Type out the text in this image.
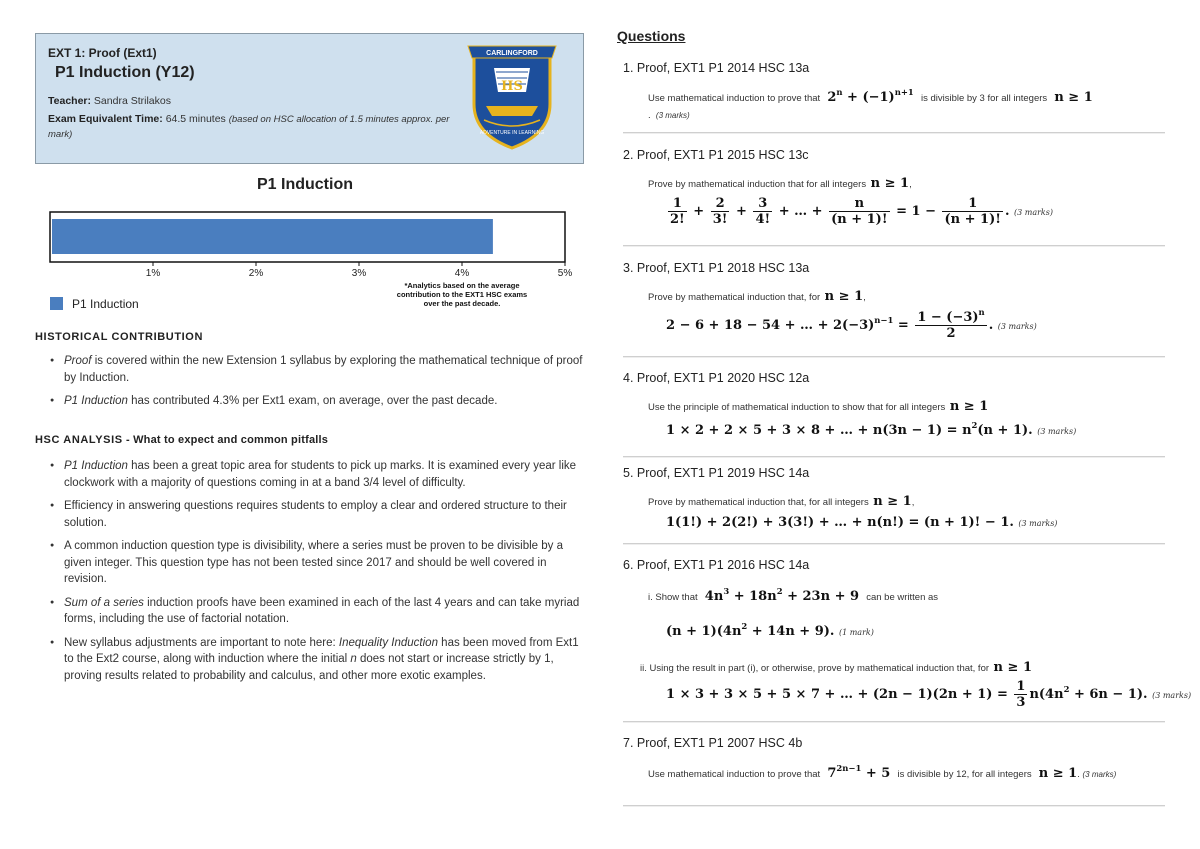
EXT 1: Proof (Ext1)
P1 Induction (Y12)
Teacher: Sandra Strilakos
Exam Equivalent Time: 64.5 minutes (based on HSC allocation of 1.5 minutes approx. per mark)
CARLINGFORD
HS
ADVENTURE IN LEARNING
P1 Induction
1%	2%	3%	4%	5%
P1 Induction
*Analytics based on the average contribution to the EXT1 HSC exams over the past decade.
HISTORICAL CONTRIBUTION
● Proof is covered within the new Extension 1 syllabus by exploring the mathematical technique of proof by Induction.
● P1 Induction has contributed 4.3% per Ext1 exam, on average, over the past decade.
HSC ANALYSIS - What to expect and common pitfalls
● P1 Induction has been a great topic area for students to pick up marks. It is examined every year like clockwork with a majority of questions coming in at a band 3/4 level of difficulty.
● Efficiency in answering questions requires students to employ a clear and ordered structure to their solution.
● A common induction question type is divisibility, where a series must be proven to be divisible by a given integer. This question type has not been tested since 2017 and should be well covered in revision.
● Sum of a series induction proofs have been examined in each of the last 4 years and can take myriad forms, including the use of factorial notation.
● New syllabus adjustments are important to note here: Inequality Induction has been moved from Ext1 to the Ext2 course, along with induction where the initial n does not start or increase strictly by 1, proving results related to probability and calculus, and other more exotic examples.
Questions
1. Proof, EXT1 P1 2014 HSC 13a
Use mathematical induction to prove that  $2^n + (-1)^{n+1}$  is divisible by 3 for all integers  n ≥ 1
.  (3 marks)
2. Proof, EXT1 P1 2015 HSC 13c
Prove by mathematical induction that for all integers n ≥ 1,
$\frac{1}{2!} + \frac{2}{3!} + \frac{3}{4!}$ + … + $\frac{n}{(n + 1)!} = 1 - \frac{1}{(n + 1)!}$ . (3 marks)
3. Proof, EXT1 P1 2018 HSC 13a
Prove by mathematical induction that, for n ≥ 1,
2 − 6 + 18 − 54 + … + $2(-3)^{n-1} = \frac{1 - (-3)^n}{2}$ . (3 marks)
4. Proof, EXT1 P1 2020 HSC 12a
Use the principle of mathematical induction to show that for all integers n ≥ 1
1 × 2 + 2 × 5 + 3 × 8 + … + $n(3n - 1) = n^2(n + 1)$. (3 marks)
5. Proof, EXT1 P1 2019 HSC 14a
Prove by mathematical induction that, for all integers n ≥ 1,
1(1!) + 2(2!) + 3(3!) + … + n(n!) = (n + 1)! − 1. (3 marks)
6. Proof, EXT1 P1 2016 HSC 14a
i. Show that  $4n^3 + 18n^2 + 23n + 9$  can be written as
$(n + 1)(4n^2 + 14n + 9)$. (1 mark)
ii. Using the result in part (i), or otherwise, prove by mathematical induction that, for n ≥ 1
1 × 3 + 3 × 5 + 5 × 7 + … + $(2n - 1)(2n + 1) = \frac{1}{3} n(4n^2 + 6n - 1)$. (3 marks)
7. Proof, EXT1 P1 2007 HSC 4b
Use mathematical induction to prove that  $7^{2n-1} + 5$  is divisible by 12, for all integers  n ≥ 1. (3 marks)
